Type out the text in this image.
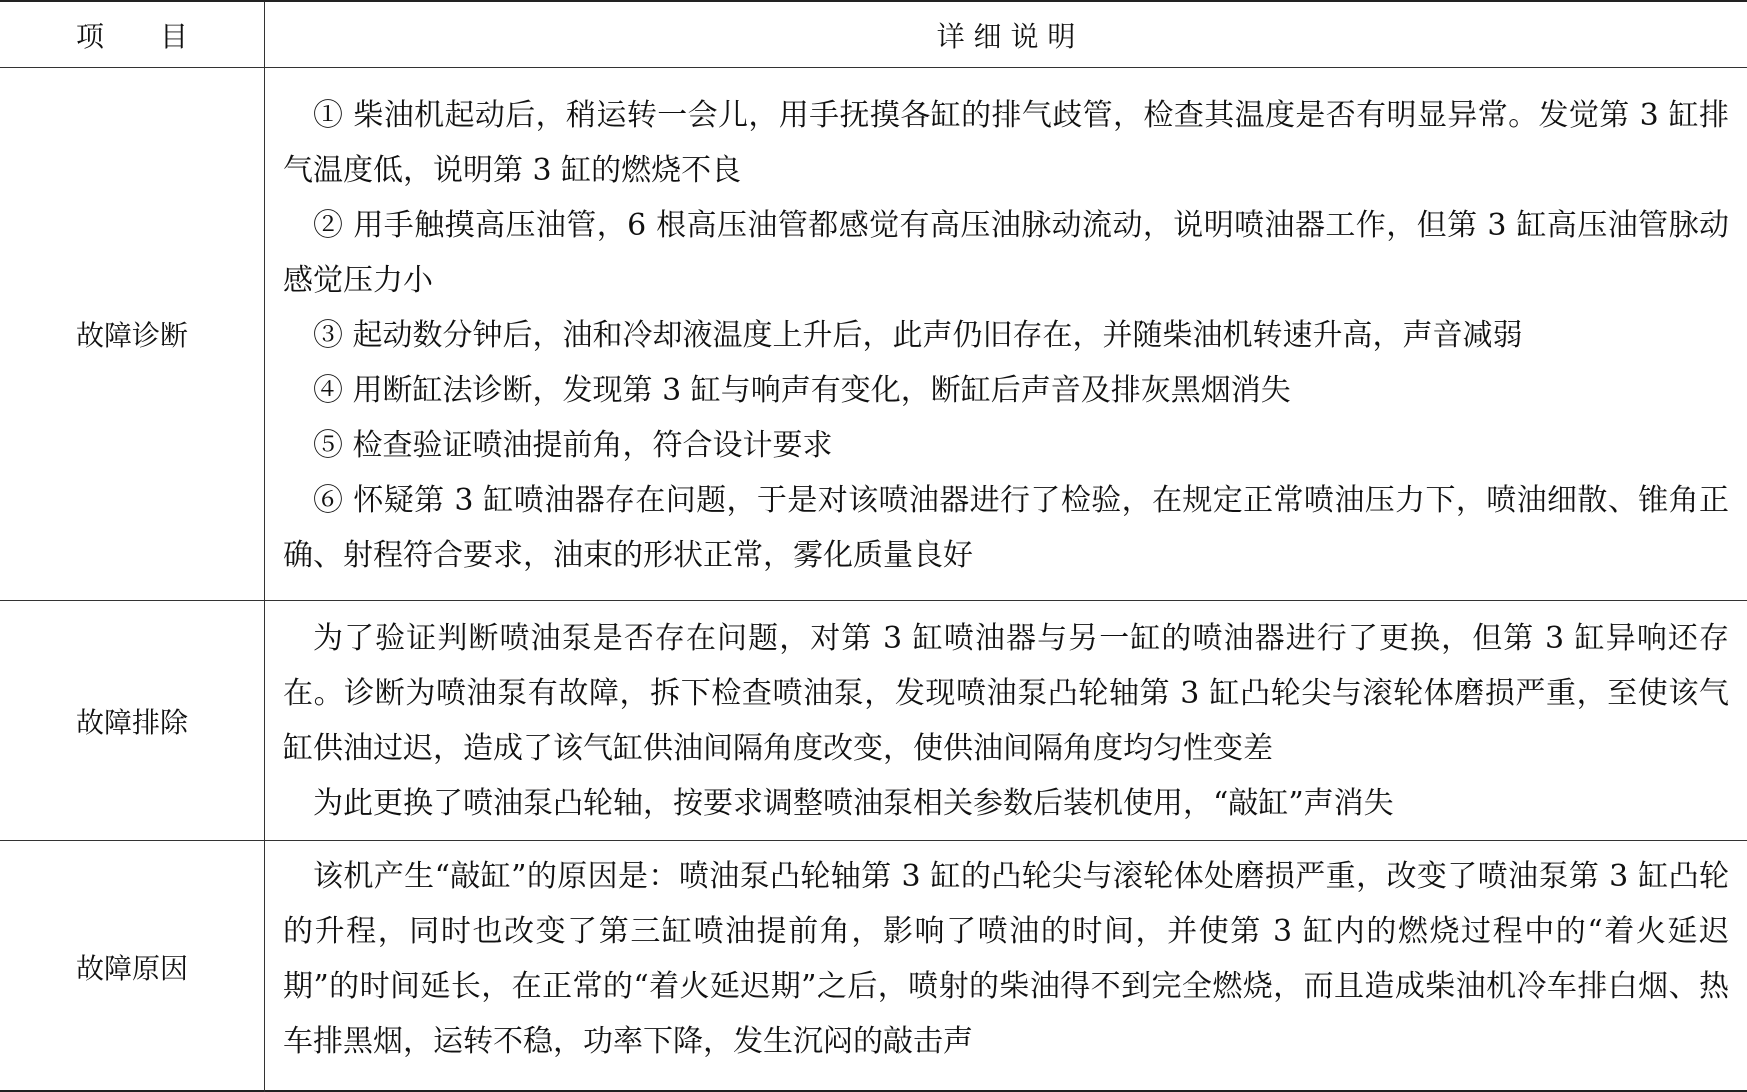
项　　目	详 细 说 明
故障诊断

① 柴油机起动后，稍运转一会儿，用手抚摸各缸的排气歧管，检查其温度是否有明显异常。发觉第 3 缸排气温度低，说明第 3 缸的燃烧不良

② 用手触摸高压油管，6 根高压油管都感觉有高压油脉动流动，说明喷油器工作，但第 3 缸高压油管脉动感觉压力小

③ 起动数分钟后，油和冷却液温度上升后，此声仍旧存在，并随柴油机转速升高，声音减弱

④ 用断缸法诊断，发现第 3 缸与响声有变化，断缸后声音及排灰黑烟消失

⑤ 检查验证喷油提前角，符合设计要求

⑥ 怀疑第 3 缸喷油器存在问题，于是对该喷油器进行了检验，在规定正常喷油压力下，喷油细散、锥角正确、射程符合要求，油束的形状正常，雾化质量良好

故障排除

为了验证判断喷油泵是否存在问题，对第 3 缸喷油器与另一缸的喷油器进行了更换，但第 3 缸异响还存在。诊断为喷油泵有故障，拆下检查喷油泵，发现喷油泵凸轮轴第 3 缸凸轮尖与滚轮体磨损严重，至使该气缸供油过迟，造成了该气缸供油间隔角度改变，使供油间隔角度均匀性变差

为此更换了喷油泵凸轮轴，按要求调整喷油泵相关参数后装机使用，“敲缸”声消失

故障原因

该机产生“敲缸”的原因是：喷油泵凸轮轴第 3 缸的凸轮尖与滚轮体处磨损严重，改变了喷油泵第 3 缸凸轮的升程，同时也改变了第三缸喷油提前角，影响了喷油的时间，并使第 3 缸内的燃烧过程中的“着火延迟期”的时间延长，在正常的“着火延迟期”之后，喷射的柴油得不到完全燃烧，而且造成柴油机冷车排白烟、热车排黑烟，运转不稳，功率下降，发生沉闷的敲击声
